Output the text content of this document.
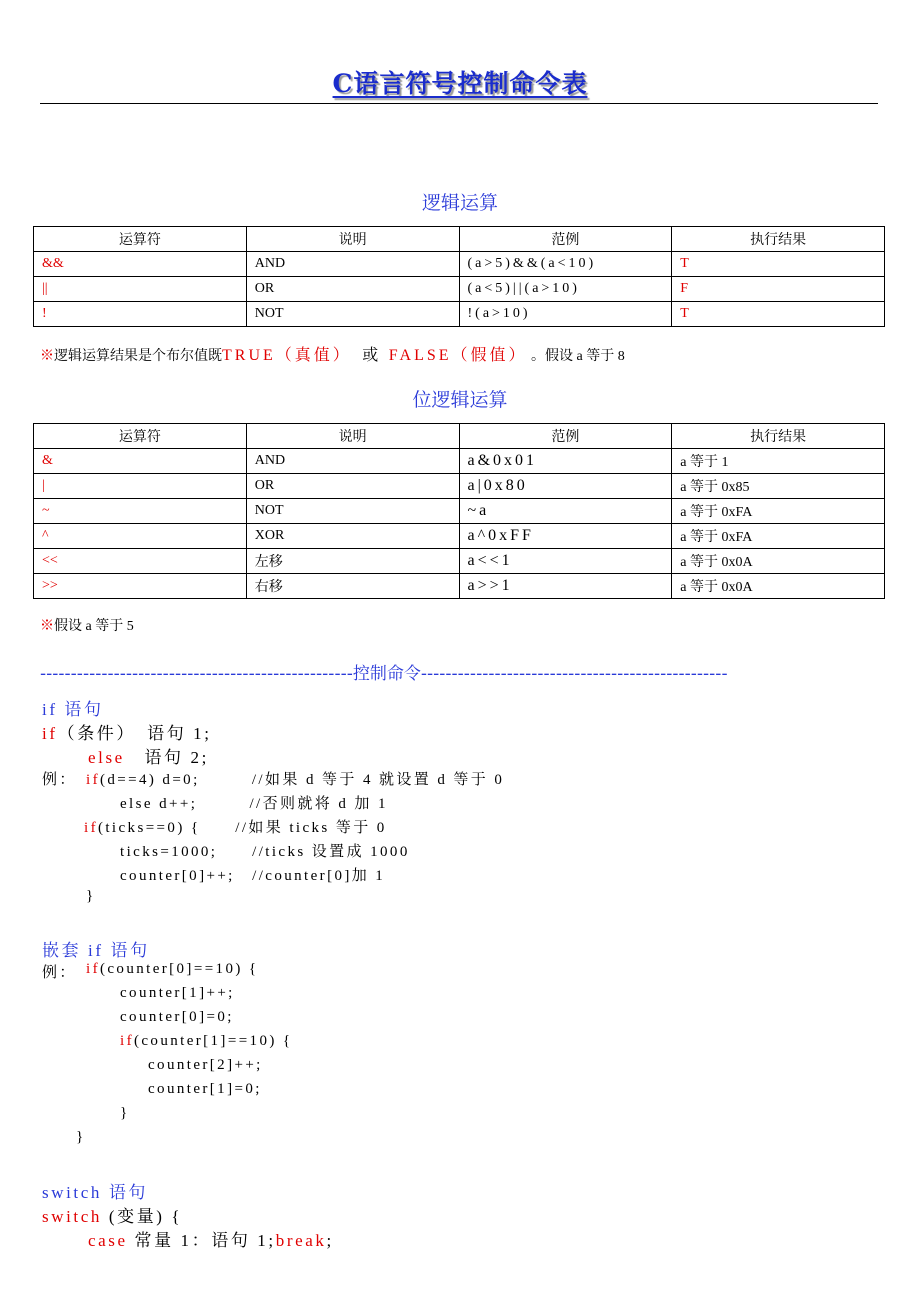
C语言符号控制命令表
逻辑运算
运算符	说明	范例	执行结果
&&	AND	(a>5)&&(a<10)	T
||	OR	(a<5)||(a>10)	F
!	NOT	!(a>10)	T
※逻辑运算结果是个布尔值既TRUE（真值） 或 FALSE（假值） 。假设 a 等于 8
位逻辑运算
运算符	说明	范例	执行结果
&	AND	a&0x01	a 等于 1
|	OR	a|0x80	a 等于 0x85
~	NOT	~a	a 等于 0xFA
^	XOR	a^0xFF	a 等于 0xFA
<<	左移	a<<1	a 等于 0x0A
>>	右移	a>>1	a 等于 0x0A
※假设 a 等于 5
---------------------------------------------------控制命令--------------------------------------------------
if 语句
if（条件）　语句 1;
else　语句 2;
例： if(d==4) d=0;　　　//如果 d 等于 4 就设置 d 等于 0
else d++;　　　//否则就将 d 加 1
if(ticks==0) {　　//如果 ticks 等于 0
ticks=1000;　　//ticks 设置成 1000
counter[0]++;　//counter[0]加 1
}
嵌套 if 语句
例： if(counter[0]==10) {
counter[1]++;
counter[0]=0;
if(counter[1]==10) {
counter[2]++;
counter[1]=0;
}
}
switch 语句
switch (变量) {
case 常量 1：语句 1;break;
